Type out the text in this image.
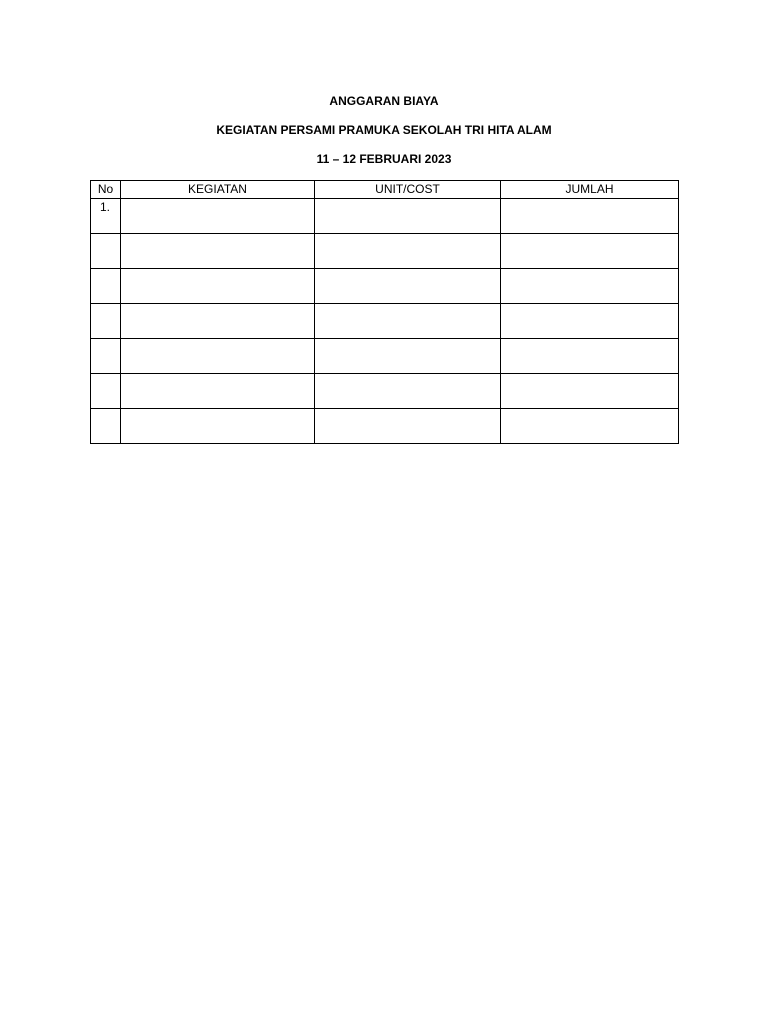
ANGGARAN BIAYA
KEGIATAN PERSAMI PRAMUKA SEKOLAH TRI HITA ALAM
11 – 12 FEBRUARI 2023
No	KEGIATAN	UNIT/COST	JUMLAH
1.			
